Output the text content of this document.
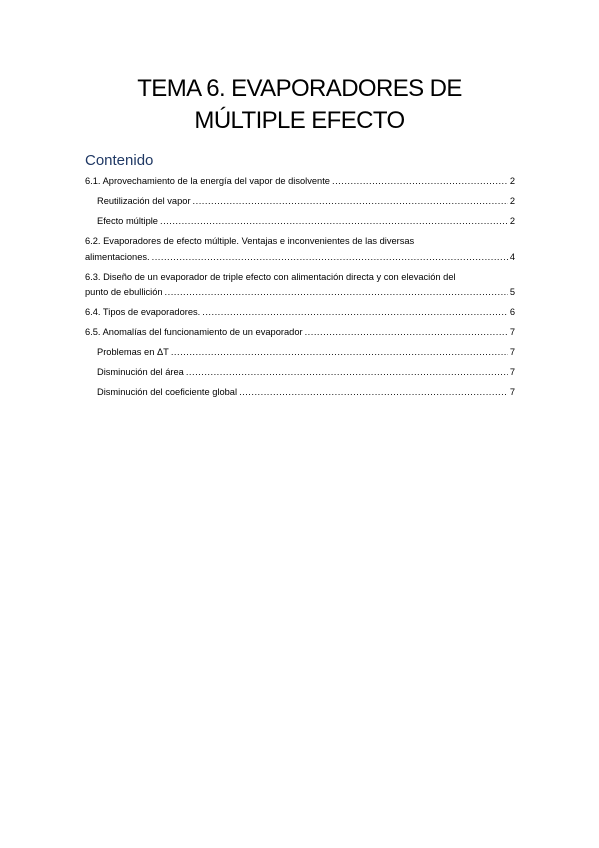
TEMA 6. EVAPORADORES DE
MÚLTIPLE EFECTO
Contenido
6.1. Aprovechamiento de la energía del vapor de disolvente .....	2
Reutilización del vapor .....	2
Efecto múltiple .....	2
6.2. Evaporadores de efecto múltiple. Ventajas e inconvenientes de las diversas
alimentaciones. .....	4
6.3. Diseño de un evaporador de triple efecto con alimentación directa y con elevación del
punto de ebullición .....	5
6.4. Tipos de evaporadores. .....	6
6.5. Anomalías del funcionamiento de un evaporador .....	7
Problemas en ΔT .....	7
Disminución del área .....	7
Disminución del coeficiente global .....	7
